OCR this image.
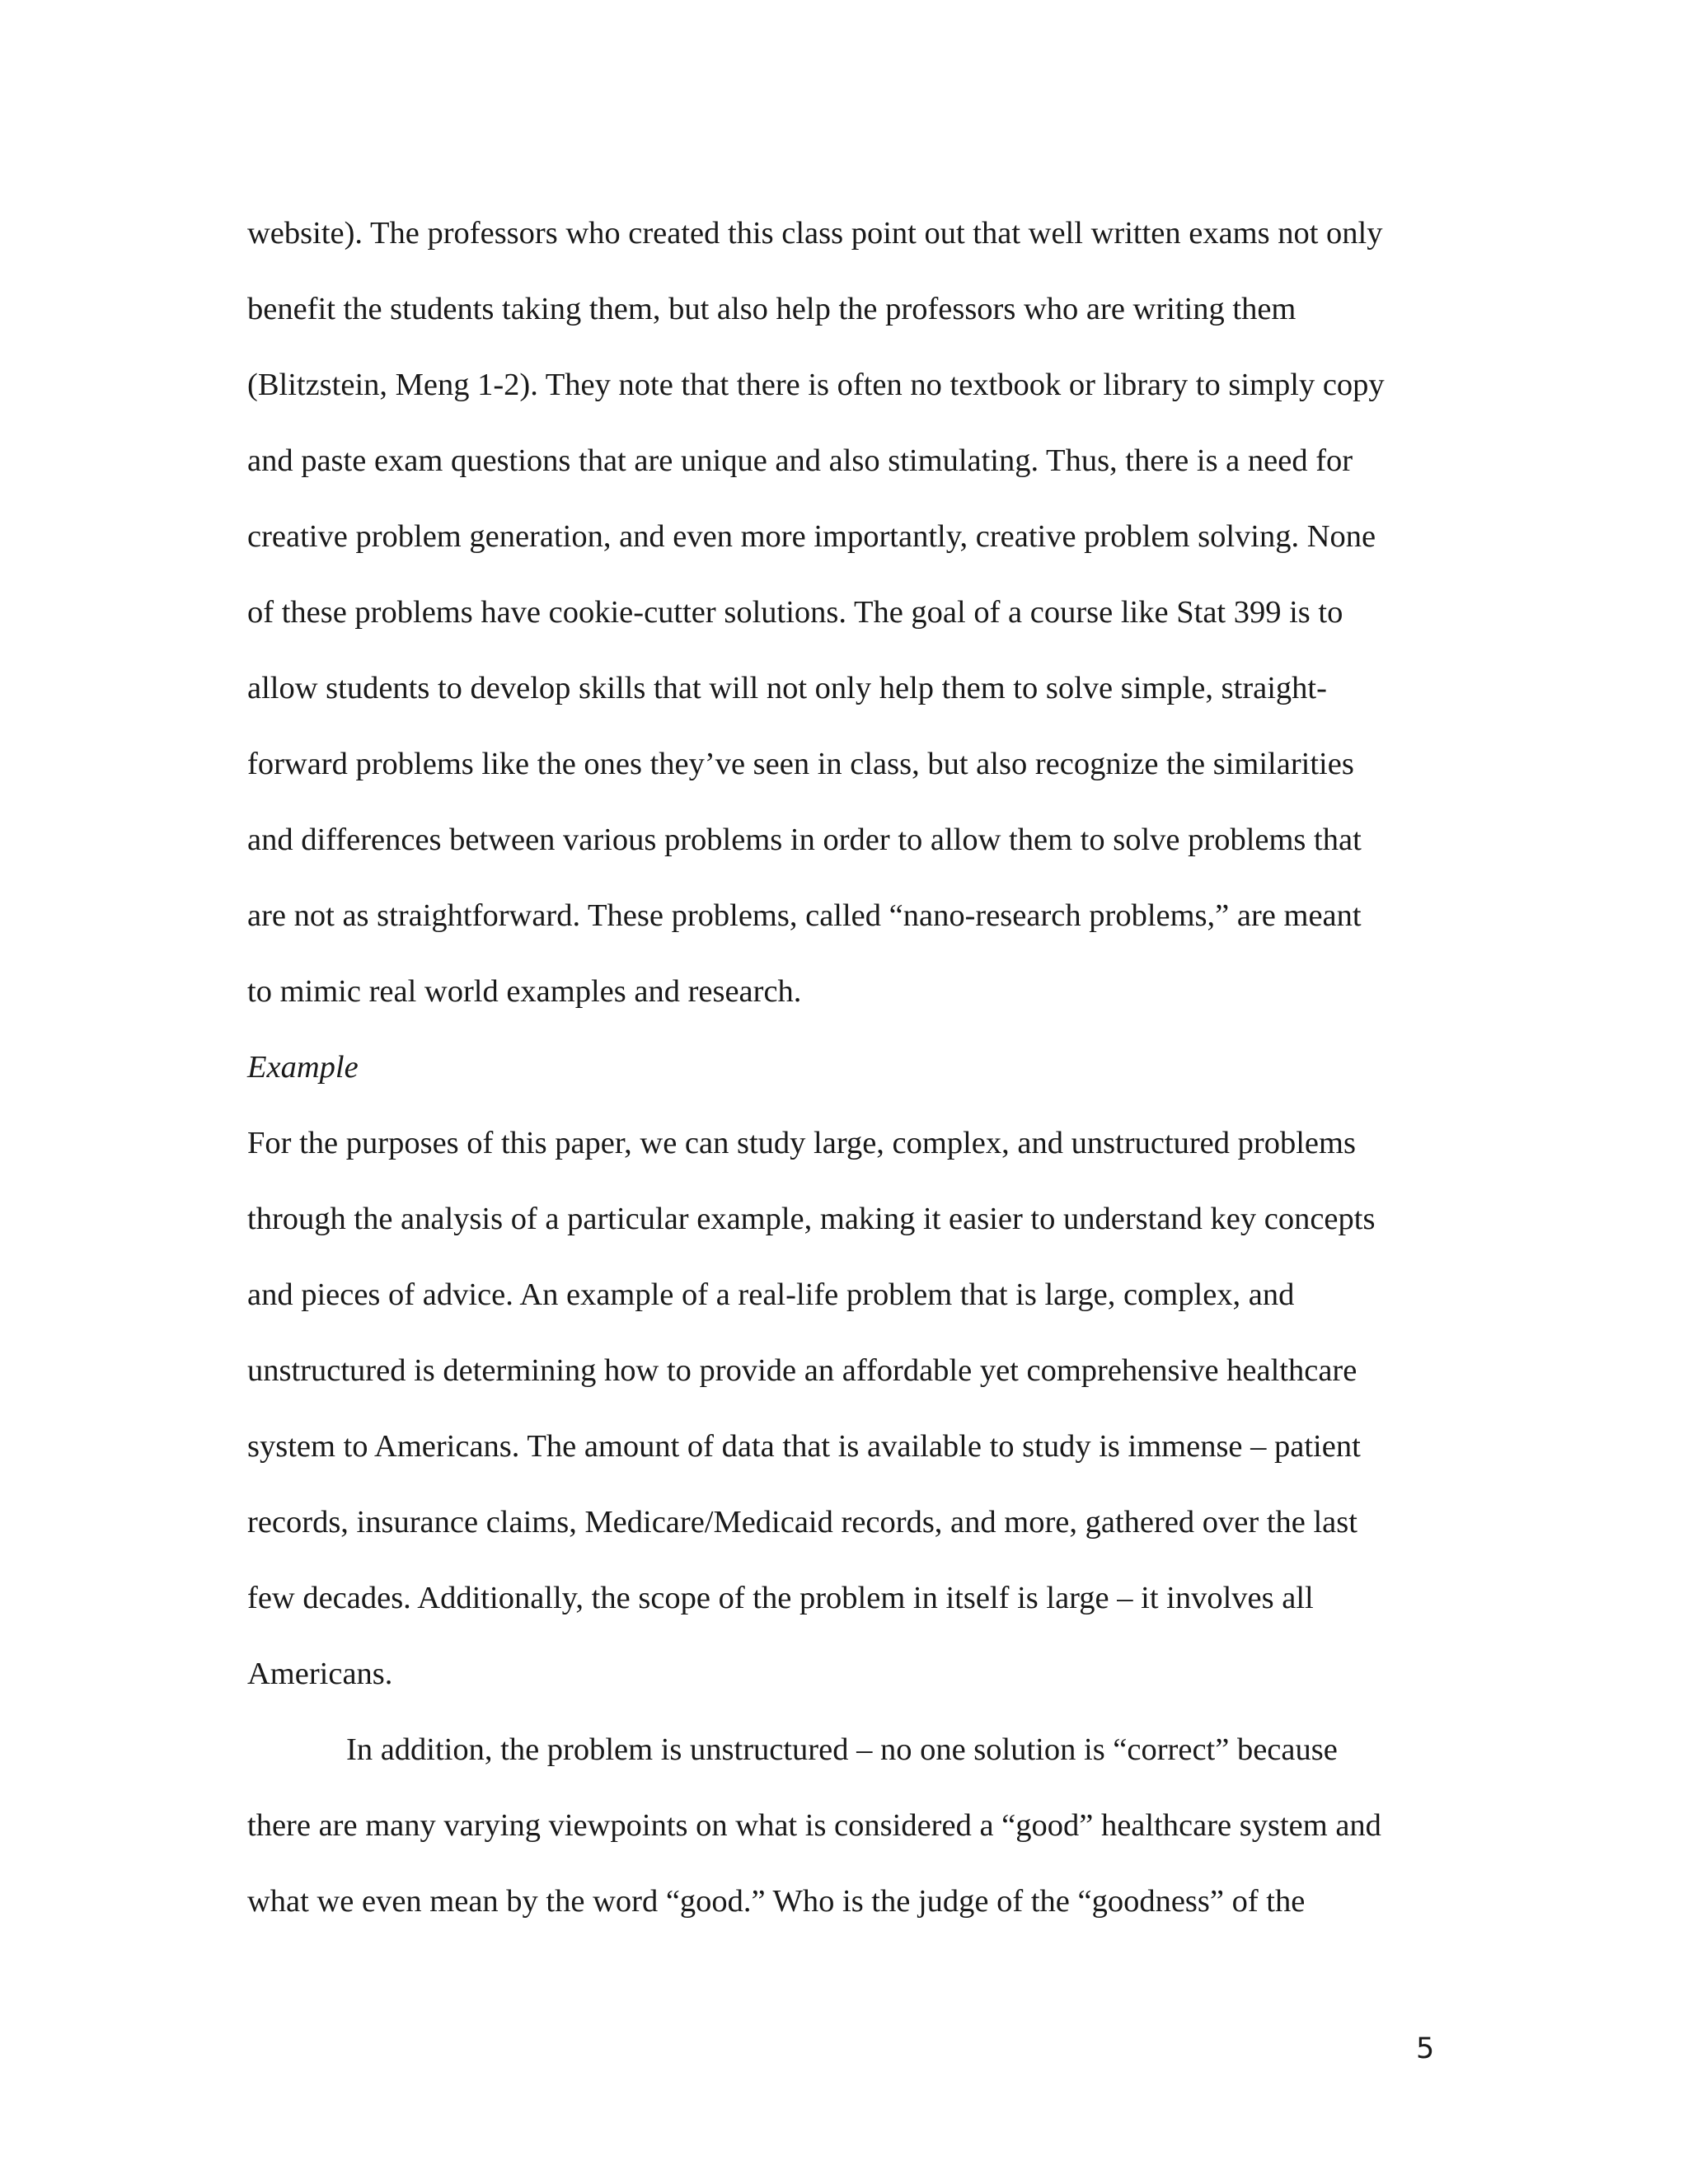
website). The professors who created this class point out that well written exams not only
benefit the students taking them, but also help the professors who are writing them
(Blitzstein, Meng 1-2). They note that there is often no textbook or library to simply copy
and paste exam questions that are unique and also stimulating. Thus, there is a need for
creative problem generation, and even more importantly, creative problem solving. None
of these problems have cookie-cutter solutions. The goal of a course like Stat 399 is to
allow students to develop skills that will not only help them to solve simple, straight-
forward problems like the ones they’ve seen in class, but also recognize the similarities
and differences between various problems in order to allow them to solve problems that
are not as straightforward. These problems, called “nano-research problems,” are meant
to mimic real world examples and research.
Example
For the purposes of this paper, we can study large, complex, and unstructured problems
through the analysis of a particular example, making it easier to understand key concepts
and pieces of advice. An example of a real-life problem that is large, complex, and
unstructured is determining how to provide an affordable yet comprehensive healthcare
system to Americans. The amount of data that is available to study is immense – patient
records, insurance claims, Medicare/Medicaid records, and more, gathered over the last
few decades. Additionally, the scope of the problem in itself is large – it involves all
Americans.
In addition, the problem is unstructured – no one solution is “correct” because
there are many varying viewpoints on what is considered a “good” healthcare system and
what we even mean by the word “good.” Who is the judge of the “goodness” of the
5
